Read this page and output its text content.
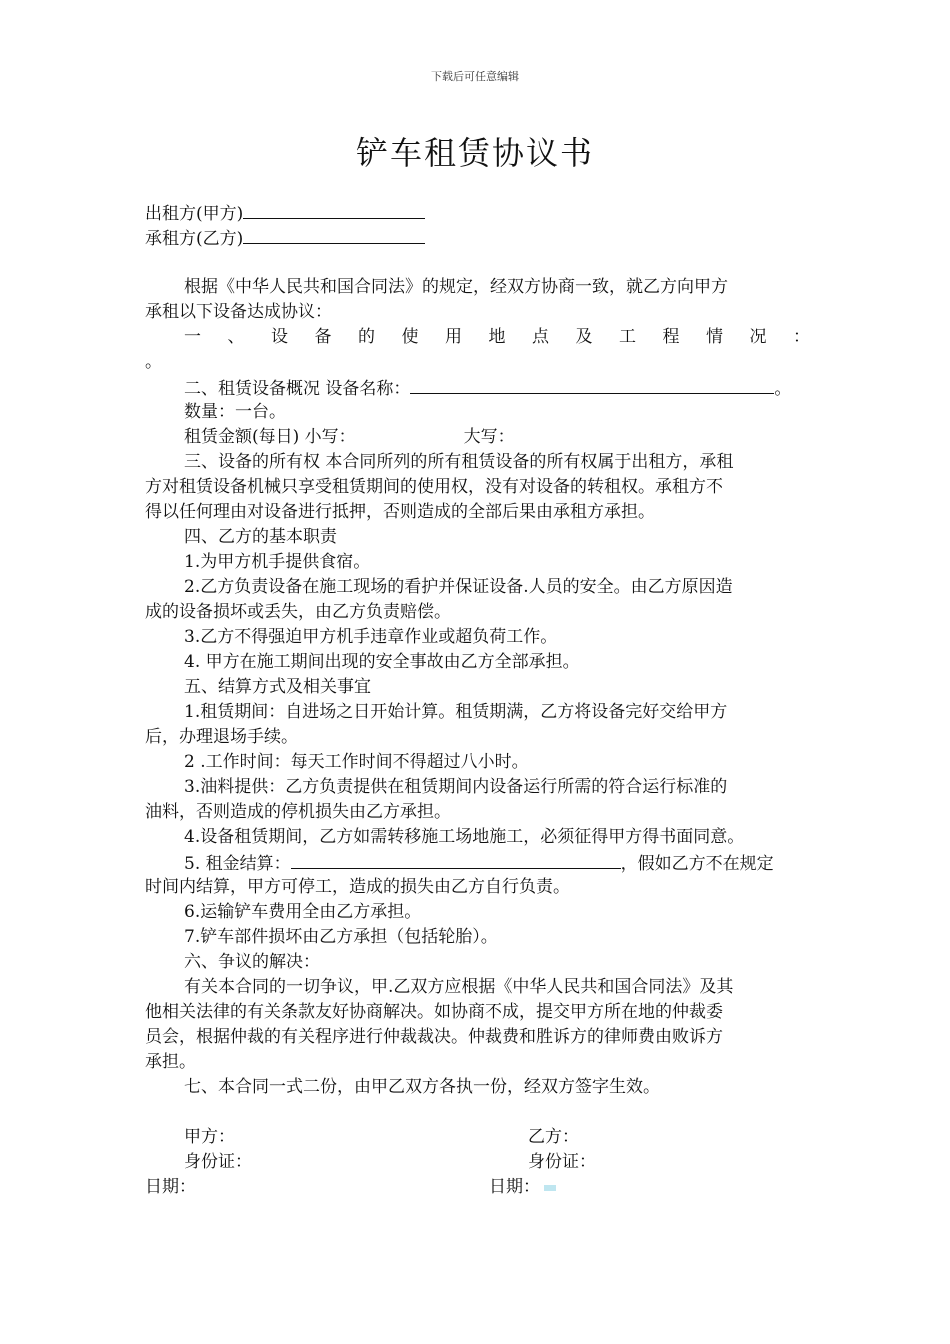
下载后可任意编辑
铲车租赁协议书
出租方(甲方)
承租方(乙方)
根据《中华人民共和国合同法》的规定，经双方协商一致，就乙方向甲方
承租以下设备达成协议：
一 、 设 备 的 使 用 地 点 及 工 程 情 况 ：
。
二、租赁设备概况 设备名称：	。
数量：一台。
租赁金额(每日) 小写：	大写：
三、设备的所有权 本合同所列的所有租赁设备的所有权属于出租方，承租
方对租赁设备机械只享受租赁期间的使用权，没有对设备的转租权。承租方不
得以任何理由对设备进行抵押，否则造成的全部后果由承租方承担。
四、乙方的基本职责
1.为甲方机手提供食宿。
2.乙方负责设备在施工现场的看护并保证设备.人员的安全。由乙方原因造
成的设备损坏或丢失，由乙方负责赔偿。
3.乙方不得强迫甲方机手违章作业或超负荷工作。
4. 甲方在施工期间出现的安全事故由乙方全部承担。
五、结算方式及相关事宜
1.租赁期间：自进场之日开始计算。租赁期满，乙方将设备完好交给甲方
后，办理退场手续。
2 .工作时间：每天工作时间不得超过八小时。
3.油料提供：乙方负责提供在租赁期间内设备运行所需的符合运行标准的
油料，否则造成的停机损失由乙方承担。
4.设备租赁期间，乙方如需转移施工场地施工，必须征得甲方得书面同意。
5. 租金结算：	，假如乙方不在规定
时间内结算，甲方可停工，造成的损失由乙方自行负责。
6.运输铲车费用全由乙方承担。
7.铲车部件损坏由乙方承担（包括轮胎）。
六、争议的解决：
有关本合同的一切争议，甲.乙双方应根据《中华人民共和国合同法》及其
他相关法律的有关条款友好协商解决。如协商不成，提交甲方所在地的仲裁委
员会，根据仲裁的有关程序进行仲裁裁决。仲裁费和胜诉方的律师费由败诉方
承担。
七、本合同一式二份，由甲乙双方各执一份，经双方签字生效。
甲方：	乙方：
身份证：	身份证：
日期：	日期：
